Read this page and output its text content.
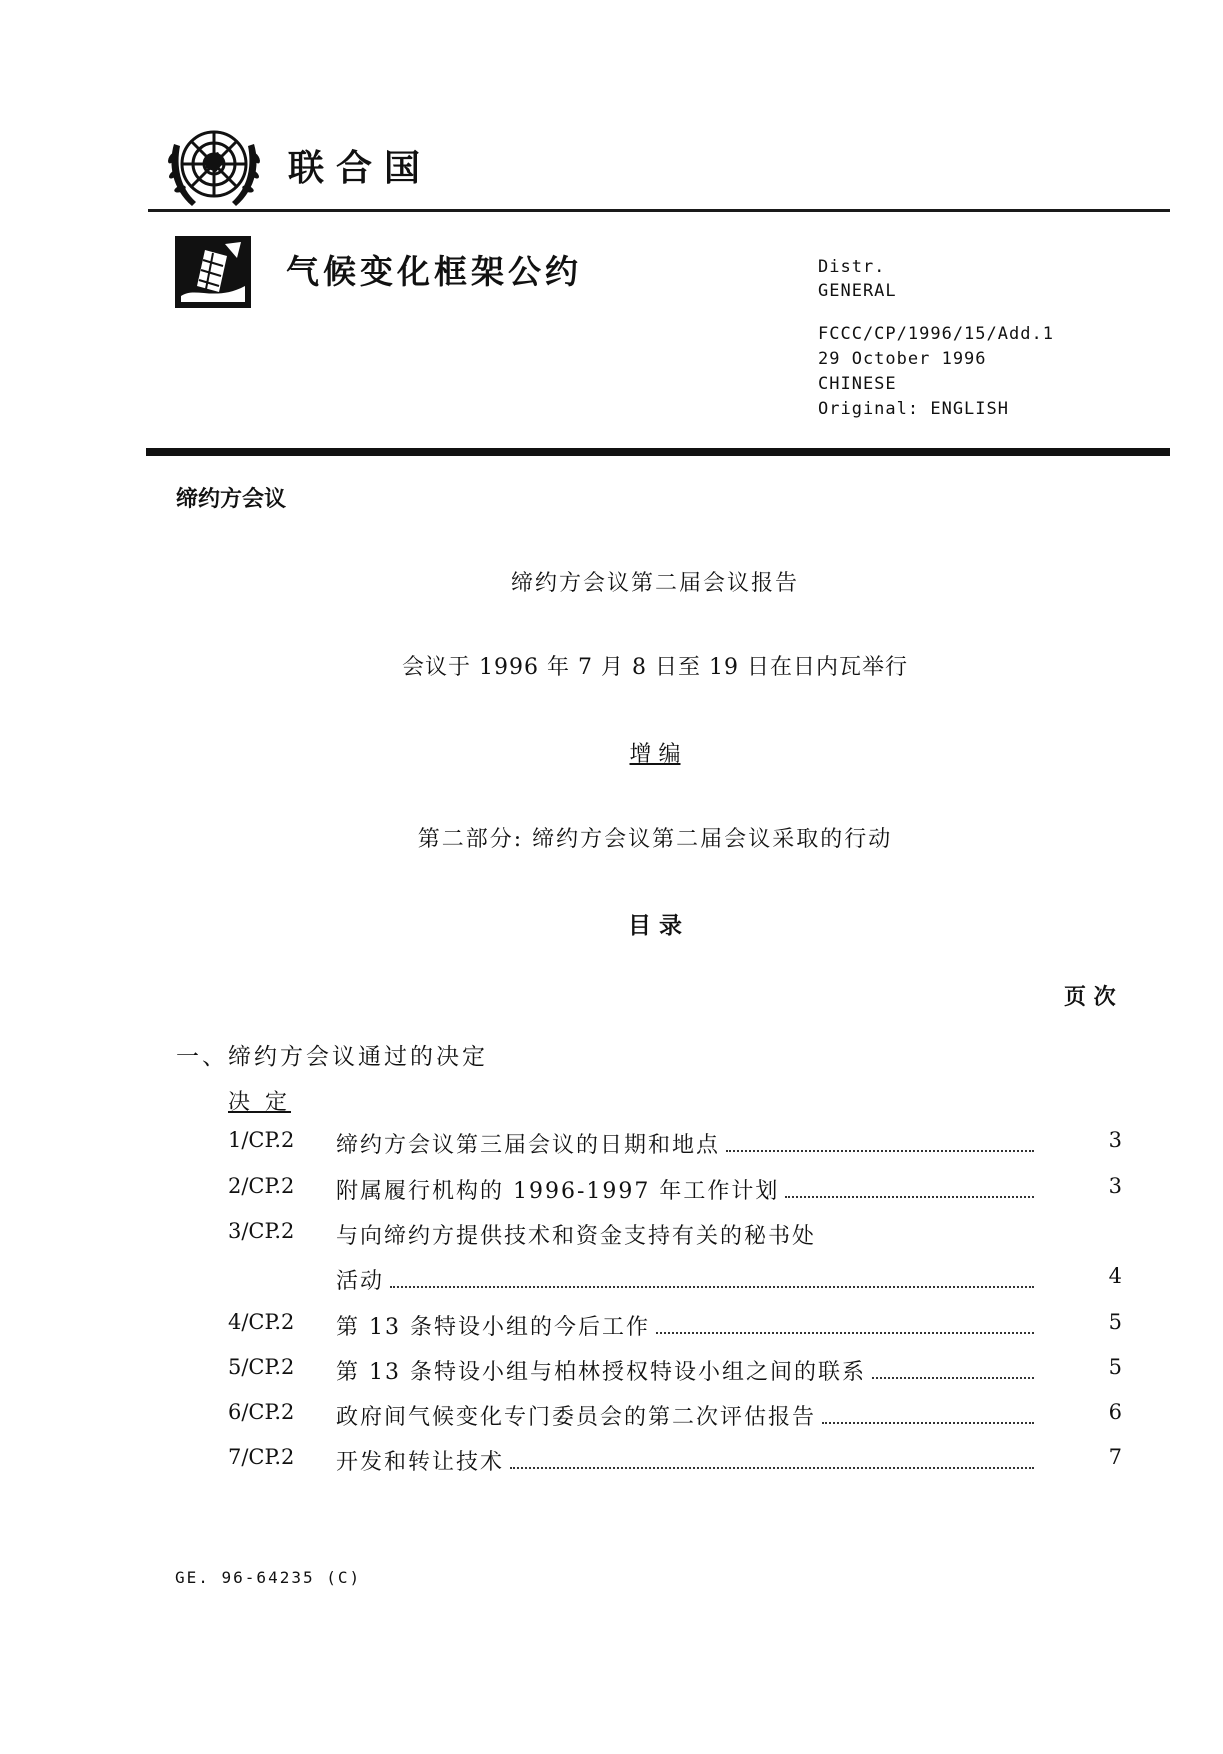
联合国
气候变化框架公约	Distr.
GENERAL
FCCC/CP/1996/15/Add.1
29 October 1996
CHINESE
Original: ENGLISH
缔约方会议
缔约方会议第二届会议报告
会议于 1996 年 7 月 8 日至 19 日在日内瓦举行
增 编
第二部分: 缔约方会议第二届会议采取的行动
目 录
页 次
一、缔约方会议通过的决定
决 定
1/CP.2 缔约方会议第三届会议的日期和地点	3
2/CP.2 附属履行机构的 1996-1997 年工作计划	3
3/CP.2 与向缔约方提供技术和资金支持有关的秘书处
活动	4
4/CP.2 第 13 条特设小组的今后工作	5
5/CP.2 第 13 条特设小组与柏林授权特设小组之间的联系	5
6/CP.2 政府间气候变化专门委员会的第二次评估报告	6
7/CP.2 开发和转让技术	7
GE. 96-64235 (C)
